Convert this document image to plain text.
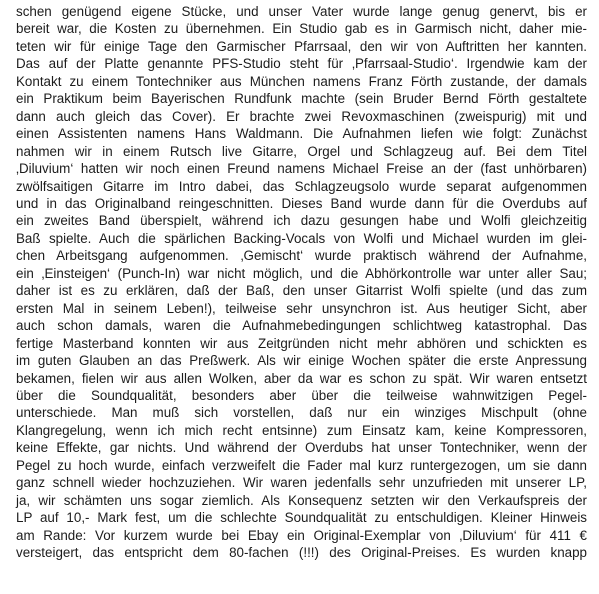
schen genügend eigene Stücke, und unser Vater wurde lange genug genervt, bis er
bereit war, die Kosten zu übernehmen. Ein Studio gab es in Garmisch nicht, daher mie-
teten wir für einige Tage den Garmischer Pfarrsaal, den wir von Auftritten her kannten.
Das auf der Platte genannte PFS-Studio steht für ‚Pfarrsaal-Studio‘. Irgendwie kam der
Kontakt zu einem Tontechniker aus München namens Franz Förth zustande, der damals
ein Praktikum beim Bayerischen Rundfunk machte (sein Bruder Bernd Förth gestaltete
dann auch gleich das Cover). Er brachte zwei Revoxmaschinen (zweispurig) mit und
einen Assistenten namens Hans Waldmann. Die Aufnahmen liefen wie folgt: Zunächst
nahmen wir in einem Rutsch live Gitarre, Orgel und Schlagzeug auf. Bei dem Titel
‚Diluvium‘ hatten wir noch einen Freund namens Michael Freise an der (fast unhörbaren)
zwölfsaitigen Gitarre im Intro dabei, das Schlagzeugsolo wurde separat aufgenommen
und in das Originalband reingeschnitten. Dieses Band wurde dann für die Overdubs auf
ein zweites Band überspielt, während ich dazu gesungen habe und Wolfi gleichzeitig
Baß spielte. Auch die spärlichen Backing-Vocals von Wolfi und Michael wurden im glei-
chen Arbeitsgang aufgenommen. ‚Gemischt‘ wurde praktisch während der Aufnahme,
ein ‚Einsteigen‘ (Punch-In) war nicht möglich, und die Abhörkontrolle war unter aller Sau;
daher ist es zu erklären, daß der Baß, den unser Gitarrist Wolfi spielte (und das zum
ersten Mal in seinem Leben!), teilweise sehr unsynchron ist. Aus heutiger Sicht, aber
auch schon damals, waren die Aufnahmebedingungen schlichtweg katastrophal. Das
fertige Masterband konnten wir aus Zeitgründen nicht mehr abhören und schickten es
im guten Glauben an das Preßwerk. Als wir einige Wochen später die erste Anpressung
bekamen, fielen wir aus allen Wolken, aber da war es schon zu spät. Wir waren entsetzt
über die Soundqualität, besonders aber über die teilweise wahnwitzigen Pegel-
unterschiede. Man muß sich vorstellen, daß nur ein winziges Mischpult (ohne
Klangregelung, wenn ich mich recht entsinne) zum Einsatz kam, keine Kompressoren,
keine Effekte, gar nichts. Und während der Overdubs hat unser Tontechniker, wenn der
Pegel zu hoch wurde, einfach verzweifelt die Fader mal kurz runtergezogen, um sie dann
ganz schnell wieder hochzuziehen. Wir waren jedenfalls sehr unzufrieden mit unserer LP,
ja, wir schämten uns sogar ziemlich. Als Konsequenz setzten wir den Verkaufspreis der
LP auf 10,- Mark fest, um die schlechte Soundqualität zu entschuldigen. Kleiner Hinweis
am Rande: Vor kurzem wurde bei Ebay ein Original-Exemplar von ‚Diluvium‘ für 411 €
versteigert, das entspricht dem 80-fachen (!!!) des Original-Preises. Es wurden knapp
